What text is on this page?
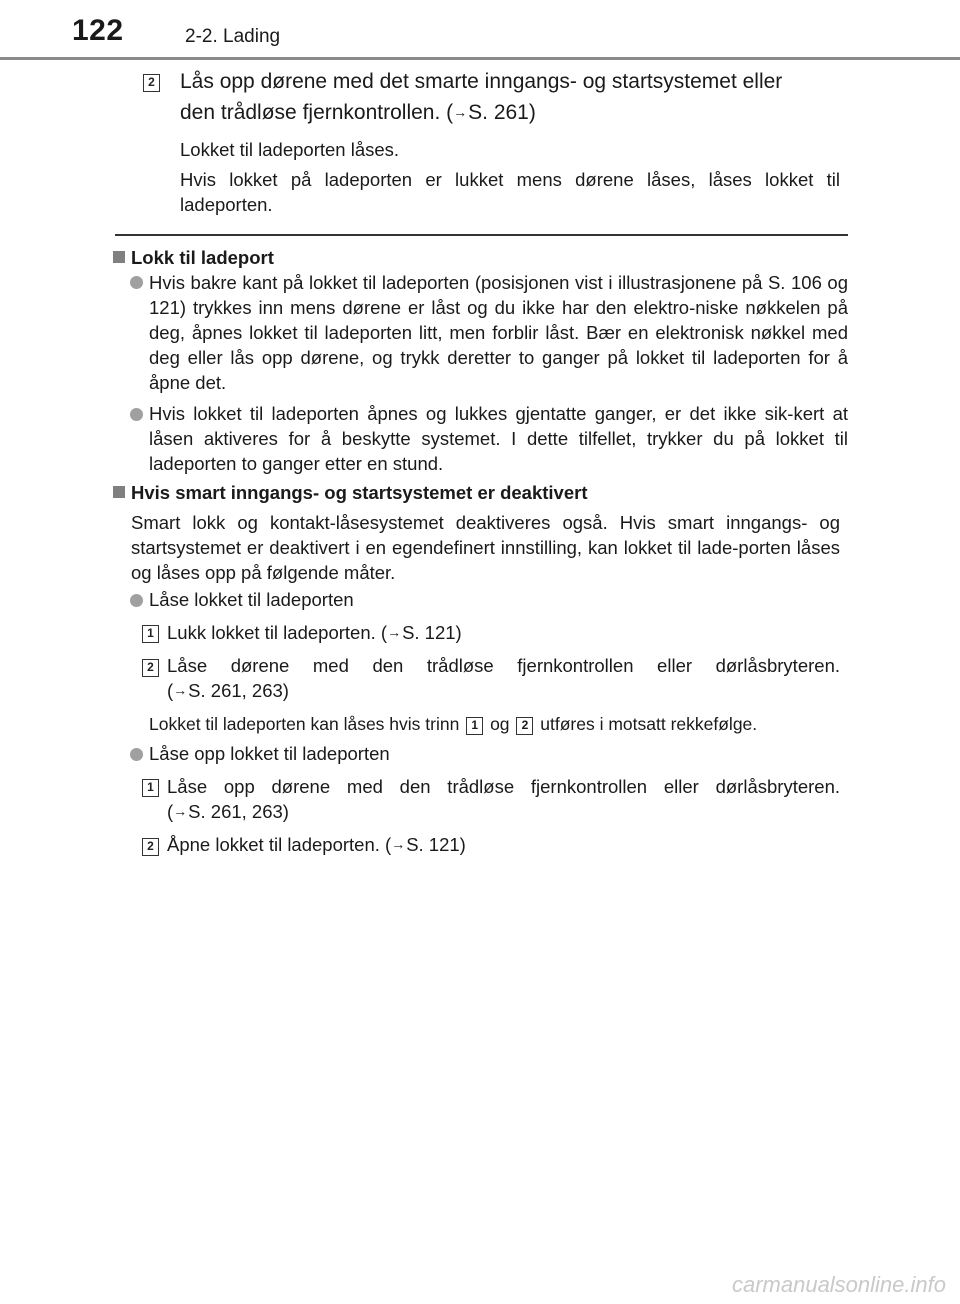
122	2-2. Lading
2 Lås opp dørene med det smarte inngangs- og startsystemet eller
den trådløse fjernkontrollen. (→S. 261)
Lokket til ladeporten låses.
Hvis lokket på ladeporten er lukket mens dørene låses, låses lokket til ladeporten.
Lokk til ladeport
Hvis bakre kant på lokket til ladeporten (posisjonen vist i illustrasjonene på S. 106 og 121) trykkes inn mens dørene er låst og du ikke har den elektro-niske nøkkelen på deg, åpnes lokket til ladeporten litt, men forblir låst. Bær en elektronisk nøkkel med deg eller lås opp dørene, og trykk deretter to ganger på lokket til ladeporten for å åpne det.
Hvis lokket til ladeporten åpnes og lukkes gjentatte ganger, er det ikke sik-kert at låsen aktiveres for å beskytte systemet. I dette tilfellet, trykker du på lokket til ladeporten to ganger etter en stund.
Hvis smart inngangs- og startsystemet er deaktivert
Smart lokk og kontakt-låsesystemet deaktiveres også. Hvis smart inngangs- og startsystemet er deaktivert i en egendefinert innstilling, kan lokket til lade-porten låses og låses opp på følgende måter.
Låse lokket til ladeporten
1 Lukk lokket til ladeporten. (→S. 121)
2 Låse dørene med den trådløse fjernkontrollen eller dørlåsbryteren.
(→S. 261, 263)
Lokket til ladeporten kan låses hvis trinn 1 og 2 utføres i motsatt rekkefølge.
Låse opp lokket til ladeporten
1 Låse opp dørene med den trådløse fjernkontrollen eller dørlåsbryteren.
(→S. 261, 263)
2 Åpne lokket til ladeporten. (→S. 121)
carmanualsonline.info
